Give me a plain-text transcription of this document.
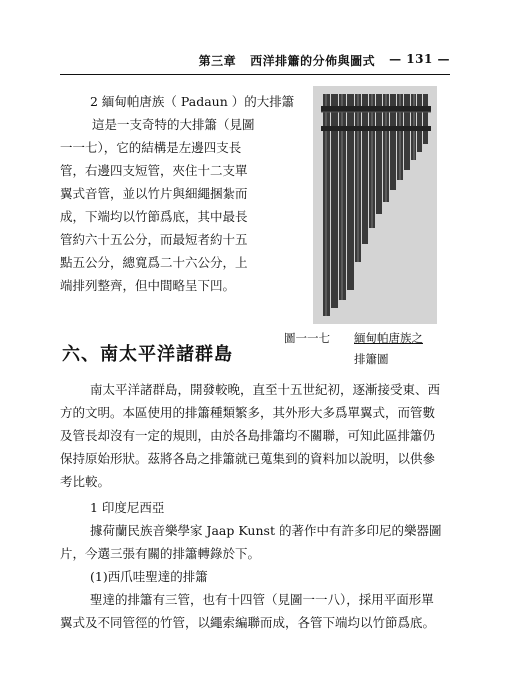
第三章 西洋排簫的分佈與圖式 — 131 —

2 緬甸帕唐族（ Padaun ）的大排簫
這是一支奇特的大排簫（見圖
一一七），它的結構是左邊四支長
管，右邊四支短管，夾住十二支單
翼式音管，並以竹片與細繩捆紮而
成，下端均以竹節爲底，其中最長
管約六十五公分，而最短者約十五
點五公分，總寬爲二十六公分，上
端排列整齊，但中間略呈下凹。

圖一一七 緬甸帕唐族之
排簫圖
六、南太平洋諸群島

南太平洋諸群島，開發較晚，直至十五世紀初，逐漸接受東、西
方的文明。本區使用的排簫種類繁多，其外形大多爲單翼式，而管數
及管長却沒有一定的規則，由於各島排簫均不關聯，可知此區排簫仍
保持原始形狀。茲將各島之排簫就已蒐集到的資料加以說明，以供參
考比較。

1 印度尼西亞

據荷蘭民族音樂學家 Jaap Kunst 的著作中有許多印尼的樂器圖
片，今選三張有關的排簫轉錄於下。

(1)西爪哇聖達的排簫

聖達的排簫有三管，也有十四管（見圖一一八），採用平面形單
翼式及不同管徑的竹管，以繩索編聯而成，各管下端均以竹節爲底。
